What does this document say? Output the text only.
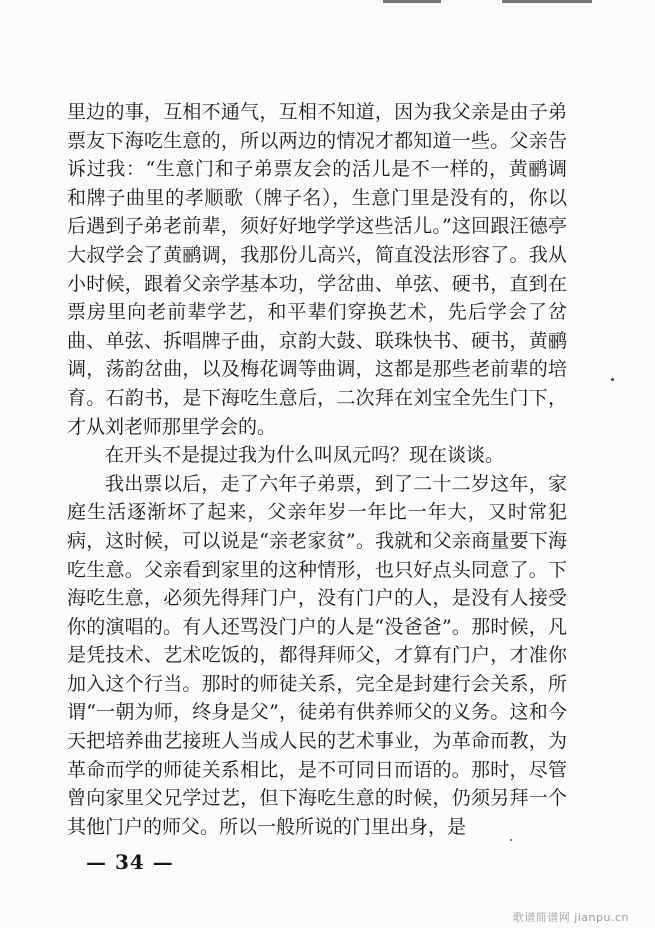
里边的事，互相不通气，互相不知道，因为我父亲是由子弟票友下海吃生意的，所以两边的情况才都知道一些。父亲告诉过我：“生意门和子弟票友会的活儿是不一样的，黄鹂调和牌子曲里的孝顺歌（牌子名），生意门里是没有的，你以后遇到子弟老前辈，须好好地学学这些活儿。”这回跟汪德亭大叔学会了黄鹂调，我那份儿高兴，简直没法形容了。我从小时候，跟着父亲学基本功，学岔曲、单弦、硬书，直到在票房里向老前辈学艺，和平辈们穿换艺术，先后学会了岔曲、单弦、拆唱牌子曲，京韵大鼓、联珠快书、硬书，黄鹂调，荡韵岔曲，以及梅花调等曲调，这都是那些老前辈的培育。石韵书，是下海吃生意后，二次拜在刘宝全先生门下，才从刘老师那里学会的。

在开头不是提过我为什么叫凤元吗？现在谈谈。

我出票以后，走了六年子弟票，到了二十二岁这年，家庭生活逐渐坏了起来，父亲年岁一年比一年大，又时常犯病，这时候，可以说是“亲老家贫”。我就和父亲商量要下海吃生意。父亲看到家里的这种情形，也只好点头同意了。下海吃生意，必须先得拜门户，没有门户的人，是没有人接受你的演唱的。有人还骂没门户的人是“没爸爸”。那时候，凡是凭技术、艺术吃饭的，都得拜师父，才算有门户，才准你加入这个行当。那时的师徒关系，完全是封建行会关系，所谓“一朝为师，终身是父”，徒弟有供养师父的义务。这和今天把培养曲艺接班人当成人民的艺术事业，为革命而教，为革命而学的师徒关系相比，是不可同日而语的。那时，尽管曾向家里父兄学过艺，但下海吃生意的时候，仍须另拜一个其他门户的师父。所以一般所说的门里出身，是

— 34 —
歌谱简谱网 jianpu.cn
